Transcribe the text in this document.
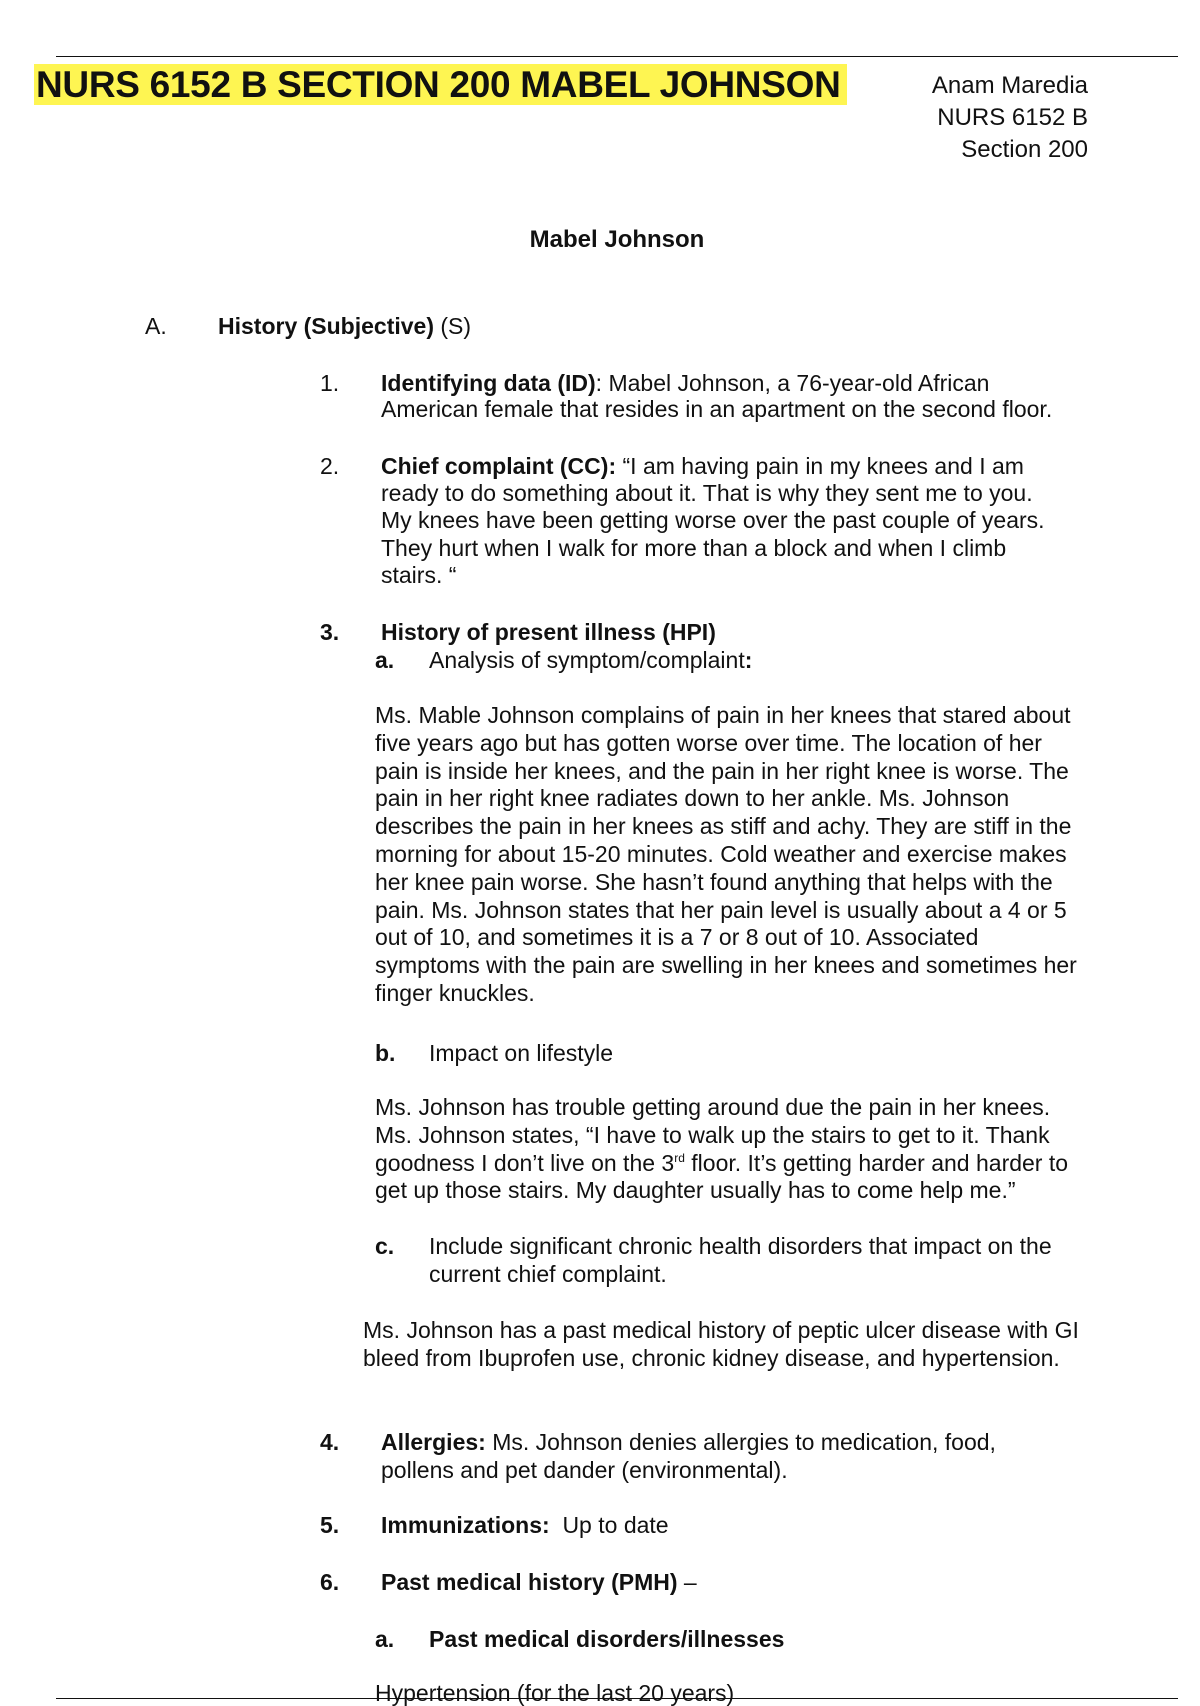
NURS 6152 B SECTION 200 MABEL JOHNSON	Anam Maredia
NURS 6152 B
Section 200
Mabel Johnson
A. History (Subjective) (S)
1. Identifying data (ID): Mabel Johnson, a 76-year-old African
American female that resides in an apartment on the second floor.
2. Chief complaint (CC): “I am having pain in my knees and I am
ready to do something about it. That is why they sent me to you.
My knees have been getting worse over the past couple of years.
They hurt when I walk for more than a block and when I climb
stairs. “
3. History of present illness (HPI)
a. Analysis of symptom/complaint:
Ms. Mable Johnson complains of pain in her knees that stared about five years ago but has gotten worse over time. The location of her pain is inside her knees, and the pain in her right knee is worse. The pain in her right knee radiates down to her ankle. Ms. Johnson describes the pain in her knees as stiff and achy. They are stiff in the morning for about 15-20 minutes. Cold weather and exercise makes her knee pain worse. She hasn’t found anything that helps with the pain. Ms. Johnson states that her pain level is usually about a 4 or 5 out of 10, and sometimes it is a 7 or 8 out of 10. Associated symptoms with the pain are swelling in her knees and sometimes her finger knuckles.
b. Impact on lifestyle
Ms. Johnson has trouble getting around due the pain in her knees. Ms. Johnson states, “I have to walk up the stairs to get to it. Thank goodness I don’t live on the 3rd floor. It’s getting harder and harder to get up those stairs. My daughter usually has to come help me.”
c. Include significant chronic health disorders that impact on the
current chief complaint.
Ms. Johnson has a past medical history of peptic ulcer disease with GI bleed from Ibuprofen use, chronic kidney disease, and hypertension.
4. Allergies: Ms. Johnson denies allergies to medication, food,
pollens and pet dander (environmental).
5. Immunizations:  Up to date
6. Past medical history (PMH) –
a. Past medical disorders/illnesses
Hypertension (for the last 20 years)
